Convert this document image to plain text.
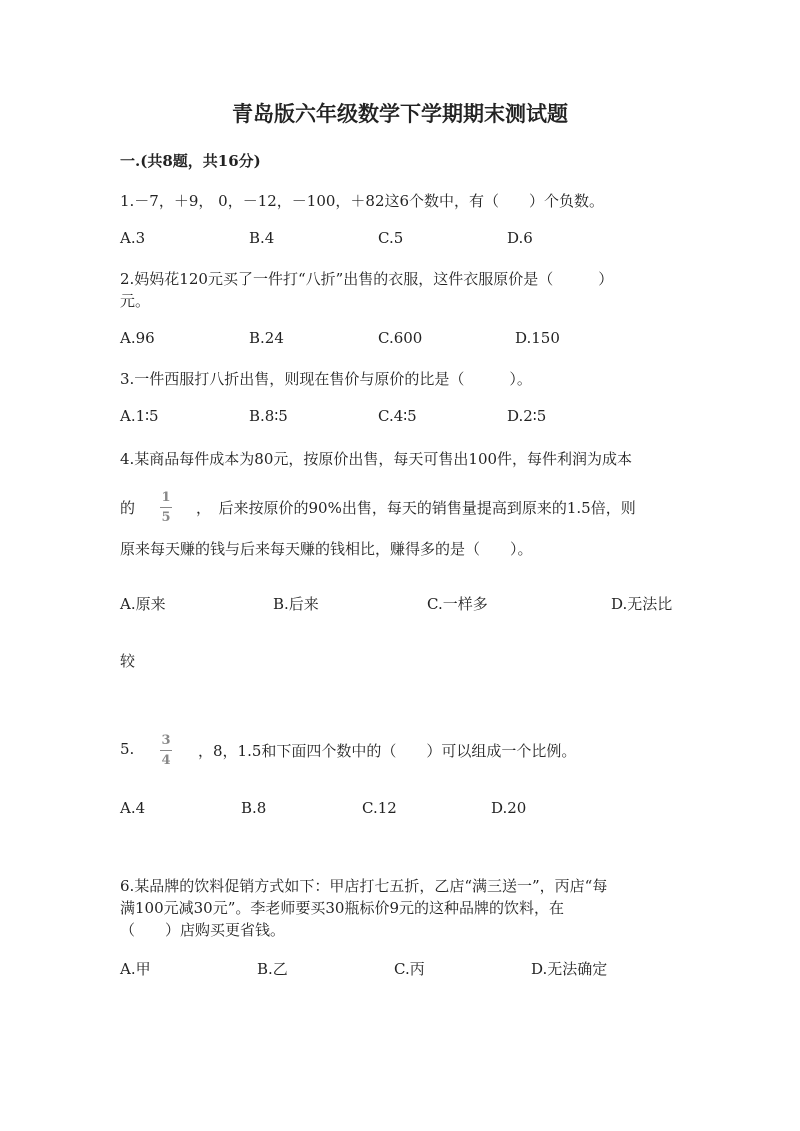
青岛版六年级数学下学期期末测试题
一.(共8题，共16分)
1.－7，＋9， 0，－12，－100，＋82这6个数中，有（　　）个负数。
A.3	B.4	C.5	D.6
2.妈妈花120元买了一件打“八折”出售的衣服，这件衣服原价是（　　　）
元。
A.96	B.24	C.600	D.150
3.一件西服打八折出售，则现在售价与原价的比是（　　　）。
A.1∶5	B.8∶5	C.4∶5	D.2∶5
4.某商品每件成本为80元，按原价出售，每天可售出100件，每件利润为成本
的
1
5
，　后来按原价的90%出售，每天的销售量提高到原来的1.5倍，则
原来每天赚的钱与后来每天赚的钱相比，赚得多的是（　　）。
A.原来	B.后来	C.一样多	D.无法比
较
5. 3
4
，8，1.5和下面四个数中的（　　）可以组成一个比例。
A.4	B.8	C.12	D.20
6.某品牌的饮料促销方式如下：甲店打七五折，乙店“满三送一”，丙店“每
满100元减30元”。李老师要买30瓶标价9元的这种品牌的饮料，在
（　　）店购买更省钱。
A.甲	B.乙	C.丙	D.无法确定
